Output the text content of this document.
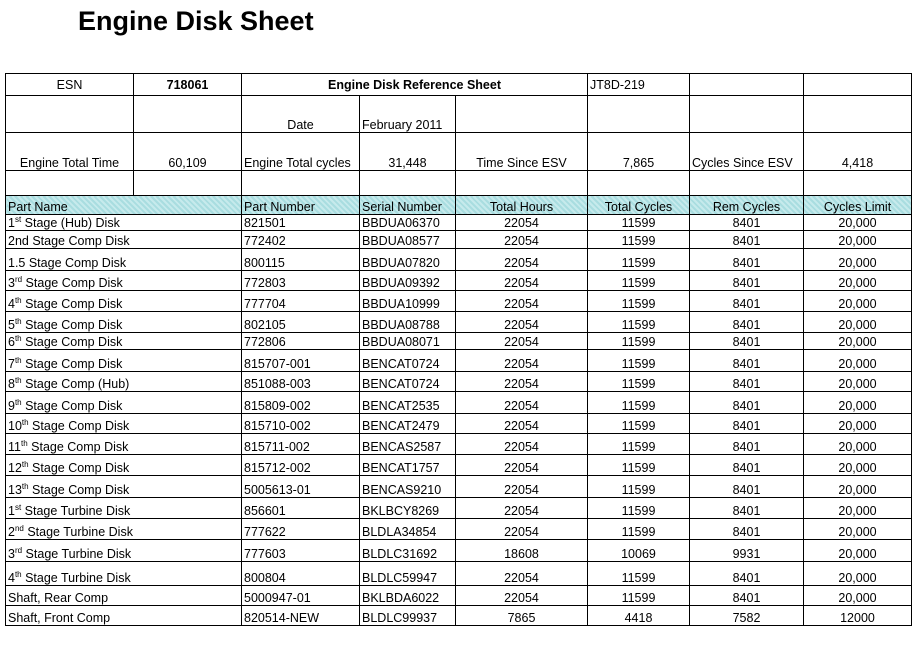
Engine Disk Sheet
ESN	718061	Engine Disk Reference Sheet			JT8D-219		
		Date	February 2011				
Engine Total Time	60,109	Engine Total cycles	31,448	Time Since ESV	7,865	Cycles Since ESV	4,418

Part Name		Part Number	Serial Number	Total Hours	Total Cycles	Rem Cycles	Cycles Limit
1st Stage (Hub) Disk		821501	BBDUA06370	22054	11599	8401	20,000
2nd Stage Comp Disk		772402	BBDUA08577	22054	11599	8401	20,000
1.5 Stage Comp Disk		800115	BBDUA07820	22054	11599	8401	20,000
3rd Stage Comp Disk		772803	BBDUA09392	22054	11599	8401	20,000
4th Stage Comp Disk		777704	BBDUA10999	22054	11599	8401	20,000
5th Stage Comp Disk		802105	BBDUA08788	22054	11599	8401	20,000
6th Stage Comp Disk		772806	BBDUA08071	22054	11599	8401	20,000
7th Stage Comp Disk		815707-001	BENCAT0724	22054	11599	8401	20,000
8th Stage Comp (Hub)		851088-003	BENCAT0724	22054	11599	8401	20,000
9th Stage Comp Disk		815809-002	BENCAT2535	22054	11599	8401	20,000
10th Stage Comp Disk		815710-002	BENCAT2479	22054	11599	8401	20,000
11th Stage Comp Disk		815711-002	BENCAS2587	22054	11599	8401	20,000
12th Stage Comp Disk		815712-002	BENCAT1757	22054	11599	8401	20,000
13th Stage Comp Disk		5005613-01	BENCAS9210	22054	11599	8401	20,000
1st Stage Turbine Disk		856601	BKLBCY8269	22054	11599	8401	20,000
2nd Stage Turbine Disk		777622	BLDLA34854	22054	11599	8401	20,000
3rd Stage Turbine Disk		777603	BLDLC31692	18608	10069	9931	20,000
4th Stage Turbine Disk		800804	BLDLC59947	22054	11599	8401	20,000
Shaft, Rear Comp		5000947-01	BKLBDA6022	22054	11599	8401	20,000
Shaft, Front Comp		820514-NEW	BLDLC99937	7865	4418	7582	12000
